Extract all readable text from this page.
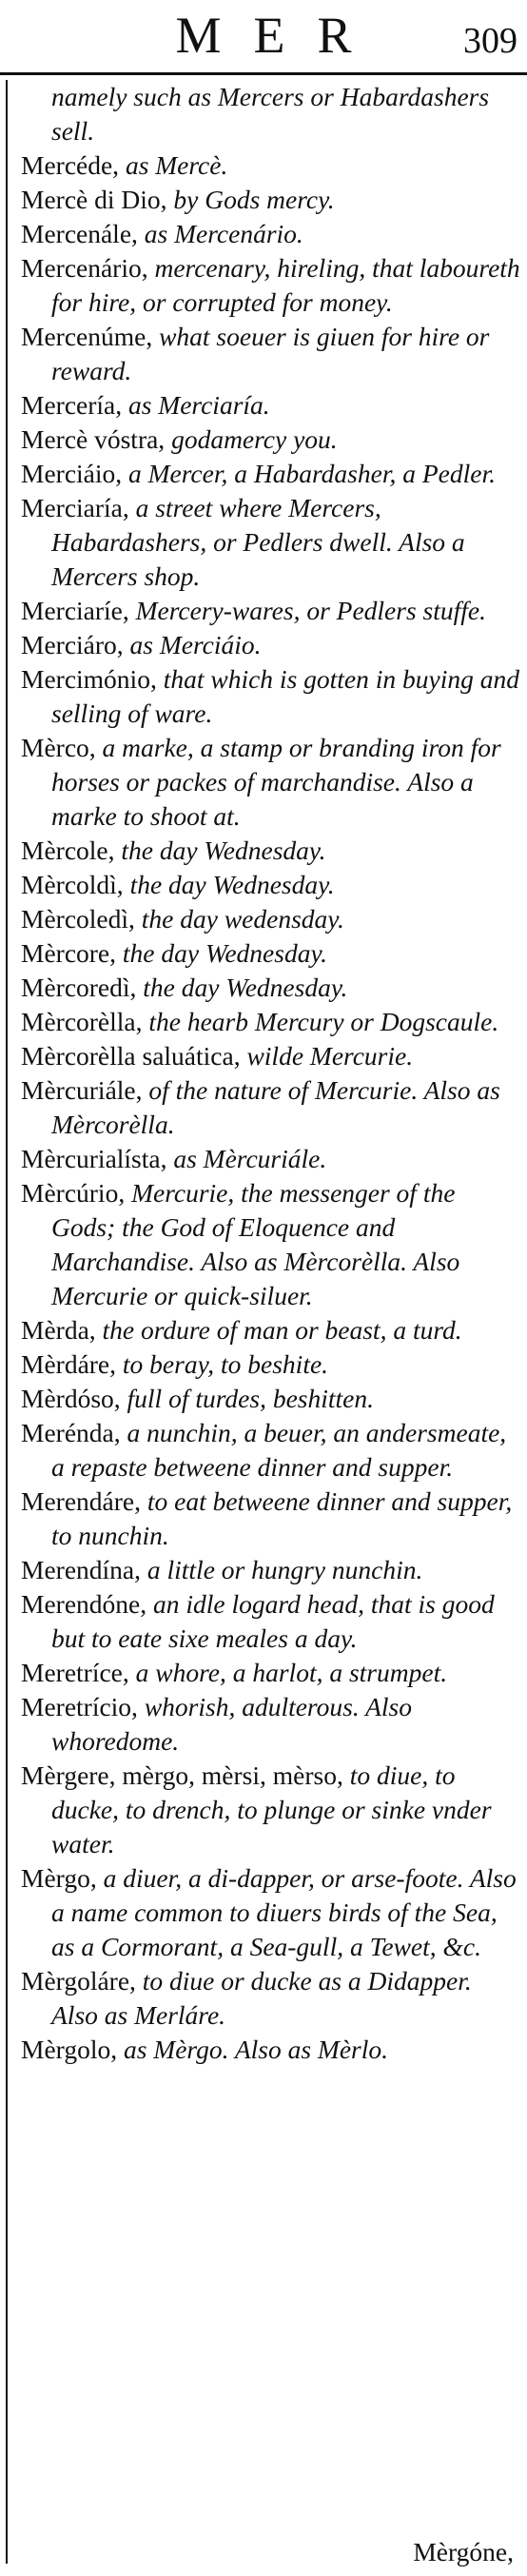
MER	309
namely such as Mercers or Habardashers sell.
Mercéde, as Mercè.
Mercè di Dio, by Gods mercy.
Mercenále, as Mercenário.
Mercenário, mercenary, hireling, that laboureth for hire, or corrupted for money.
Mercenúme, what soeuer is giuen for hire or reward.
Mercería, as Merciaría.
Mercè vóstra, godamercy you.
Merciáio, a Mercer, a Habardasher, a Pedler.
Merciaría, a street where Mercers, Habardashers, or Pedlers dwell. Also a Mercers shop.
Merciaríe, Mercery-wares, or Pedlers stuffe.
Merciáro, as Merciáio.
Mercimónio, that which is gotten in buying and selling of ware.
Mèrco, a marke, a stamp or branding iron for horses or packes of marchandise. Also a marke to shoot at.
Mèrcole, the day Wednesday.
Mèrcoldì, the day Wednesday.
Mèrcoledì, the day wedensday.
Mèrcore, the day Wednesday.
Mèrcoredì, the day Wednesday.
Mèrcorèlla, the hearb Mercury or Dogscaule.
Mèrcorèlla saluática, wilde Mercurie.
Mèrcuriále, of the nature of Mercurie. Also as Mèrcorèlla.
Mèrcurialísta, as Mèrcuriále.
Mèrcúrio, Mercurie, the messenger of the Gods; the God of Eloquence and Marchandise. Also as Mèrcorèlla. Also Mercurie or quick-siluer.
Mèrda, the ordure of man or beast, a turd.
Mèrdáre, to beray, to beshite.
Mèrdóso, full of turdes, beshitten.
Merénda, a nunchin, a beuer, an andersmeate, a repaste betweene dinner and supper.
Merendáre, to eat betweene dinner and supper, to nunchin.
Merendína, a little or hungry nunchin.
Merendóne, an idle logard head, that is good but to eate sixe meales a day.
Meretríce, a whore, a harlot, a strumpet.
Meretrício, whorish, adulterous. Also whoredome.
Mèrgere, mèrgo, mèrsi, mèrso, to diue, to ducke, to drench, to plunge or sinke vnder water.
Mèrgo, a diuer, a di-dapper, or arse-foote. Also a name common to diuers birds of the Sea, as a Cormorant, a Sea-gull, a Tewet, &c.
Mèrgoláre, to diue or ducke as a Didapper. Also as Merláre.
Mèrgolo, as Mèrgo. Also as Mèrlo.
Mèrgóne,
